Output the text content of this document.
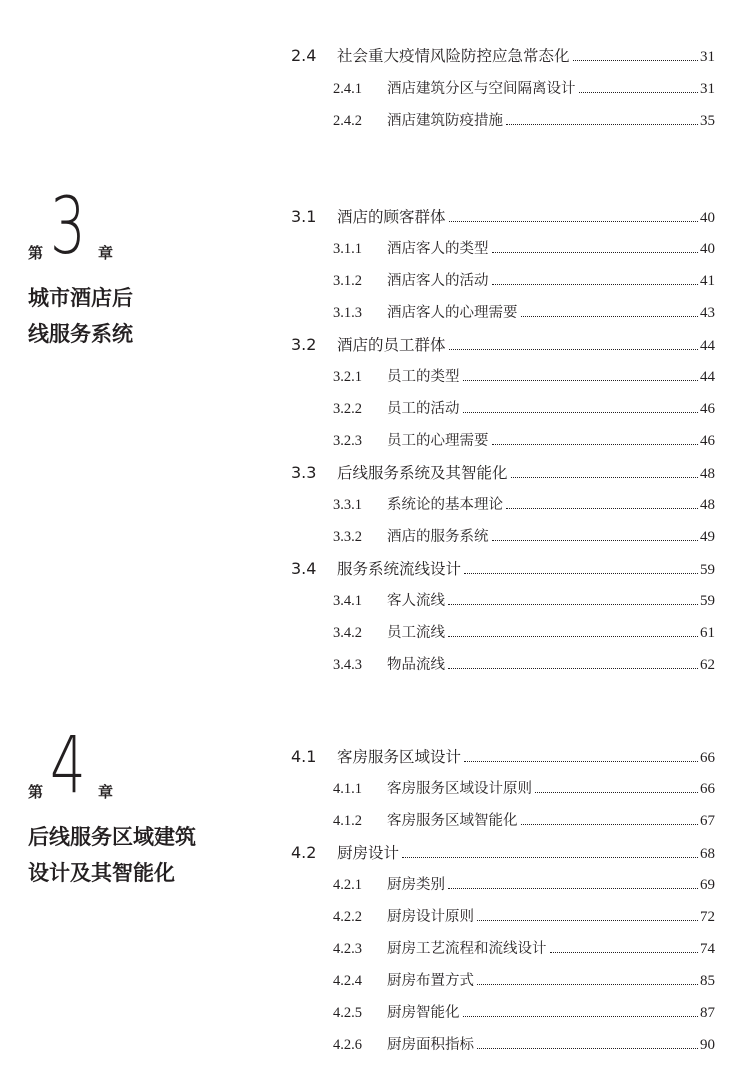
第 3 章
城市酒店后
线服务系统
第 4 章
后线服务区域建筑
设计及其智能化
2.4	社会重大疫情风险防控应急常态化	31
2.4.1	酒店建筑分区与空间隔离设计	31
2.4.2	酒店建筑防疫措施	35
3.1	酒店的顾客群体	40
3.1.1	酒店客人的类型	40
3.1.2	酒店客人的活动	41
3.1.3	酒店客人的心理需要	43
3.2	酒店的员工群体	44
3.2.1	员工的类型	44
3.2.2	员工的活动	46
3.2.3	员工的心理需要	46
3.3	后线服务系统及其智能化	48
3.3.1	系统论的基本理论	48
3.3.2	酒店的服务系统	49
3.4	服务系统流线设计	59
3.4.1	客人流线	59
3.4.2	员工流线	61
3.4.3	物品流线	62
4.1	客房服务区域设计	66
4.1.1	客房服务区域设计原则	66
4.1.2	客房服务区域智能化	67
4.2	厨房设计	68
4.2.1	厨房类别	69
4.2.2	厨房设计原则	72
4.2.3	厨房工艺流程和流线设计	74
4.2.4	厨房布置方式	85
4.2.5	厨房智能化	87
4.2.6	厨房面积指标	90
